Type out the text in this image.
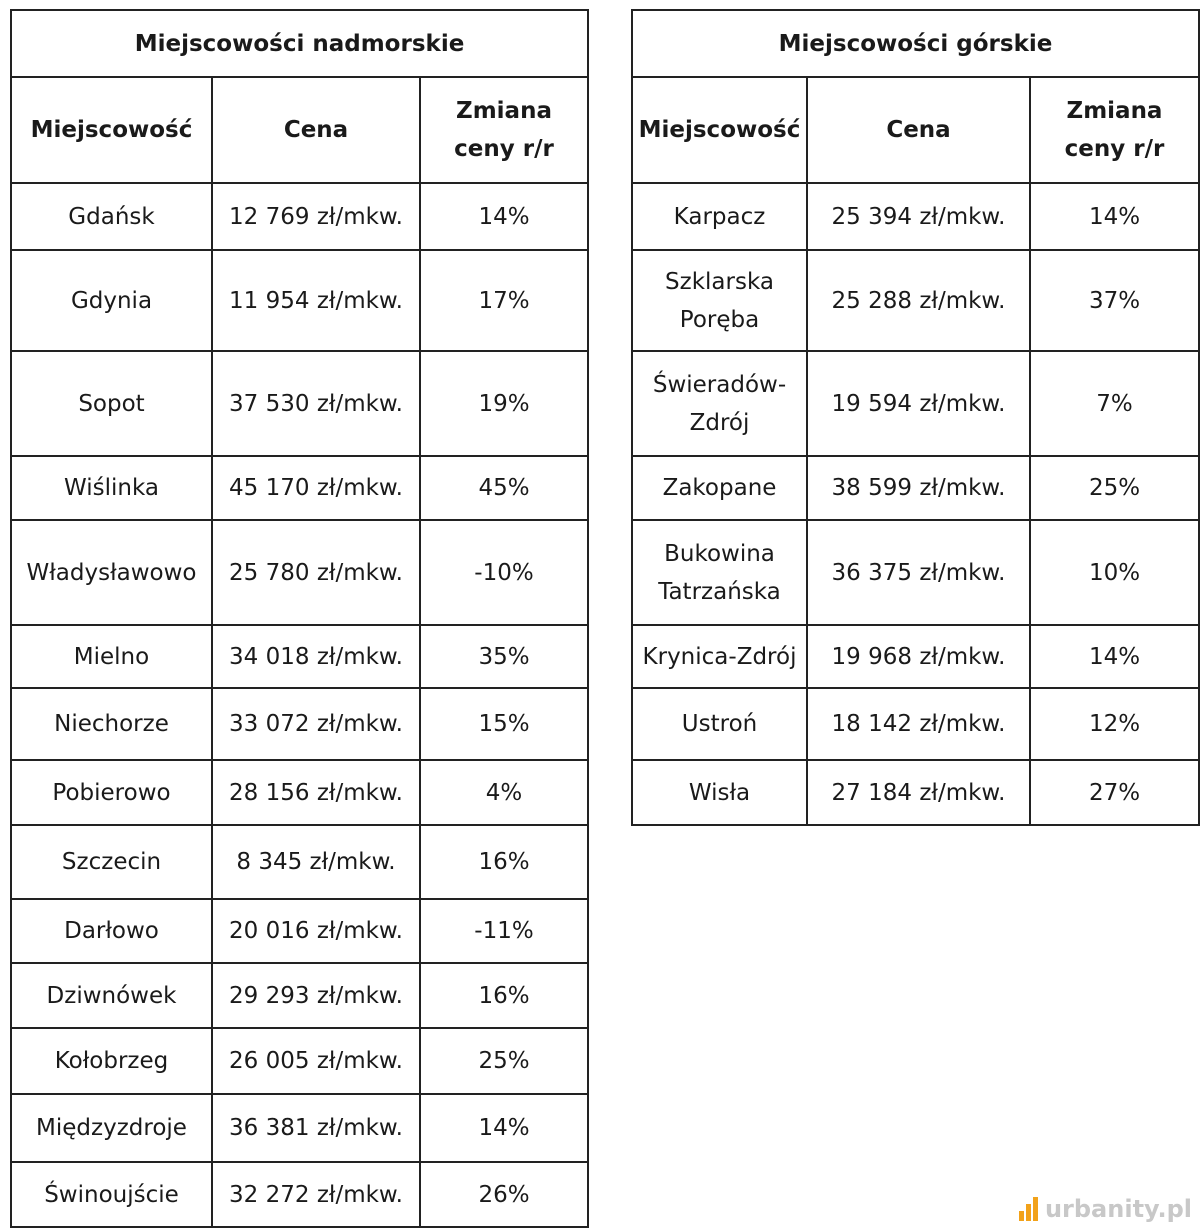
Miejscowości nadmorskie		
Miejscowość	Cena	Zmiana
ceny r/r
Gdańsk	12 769 zł/mkw.	14%
Gdynia	11 954 zł/mkw.	17%
Sopot	37 530 zł/mkw.	19%
Wiślinka	45 170 zł/mkw.	45%
Władysławowo	25 780 zł/mkw.	-10%
Mielno	34 018 zł/mkw.	35%
Niechorze	33 072 zł/mkw.	15%
Pobierowo	28 156 zł/mkw.	4%
Szczecin	8 345 zł/mkw.	16%
Darłowo	20 016 zł/mkw.	-11%
Dziwnówek	29 293 zł/mkw.	16%
Kołobrzeg	26 005 zł/mkw.	25%
Międzyzdroje	36 381 zł/mkw.	14%
Świnoujście	32 272 zł/mkw.	26%
Miejscowości górskie		
Miejscowość	Cena	Zmiana
ceny r/r
Karpacz	25 394 zł/mkw.	14%
Szklarska
Poręba	25 288 zł/mkw.	37%
Świeradów-
Zdrój	19 594 zł/mkw.	7%
Zakopane	38 599 zł/mkw.	25%
Bukowina
Tatrzańska	36 375 zł/mkw.	10%
Krynica-Zdrój	19 968 zł/mkw.	14%
Ustroń	18 142 zł/mkw.	12%
Wisła	27 184 zł/mkw.	27%
urbanity.pl
